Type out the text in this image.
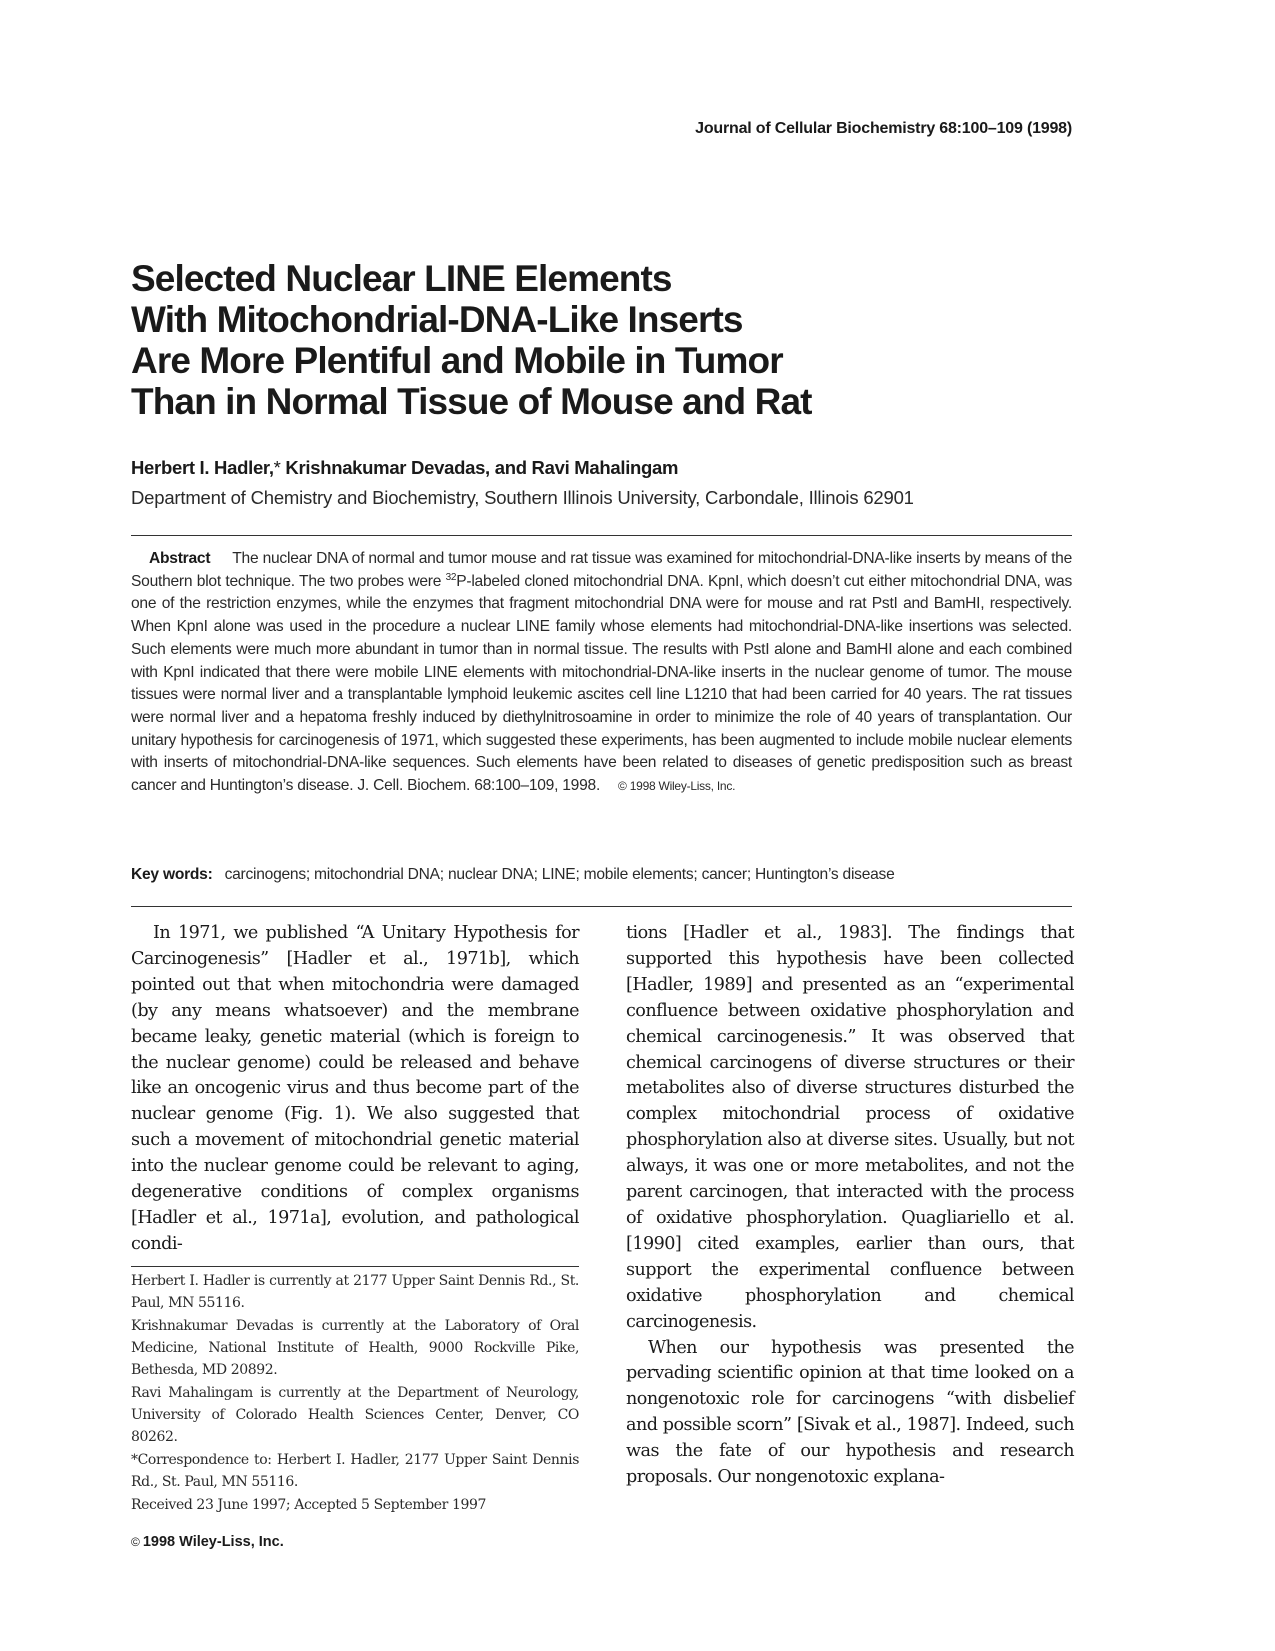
Journal of Cellular Biochemistry 68:100–109 (1998)
Selected Nuclear LINE Elements
With Mitochondrial-DNA-Like Inserts
Are More Plentiful and Mobile in Tumor
Than in Normal Tissue of Mouse and Rat
Herbert I. Hadler,* Krishnakumar Devadas, and Ravi Mahalingam
Department of Chemistry and Biochemistry, Southern Illinois University, Carbondale, Illinois 62901

Abstract The nuclear DNA of normal and tumor mouse and rat tissue was examined for mitochondrial-DNA-like inserts by means of the Southern blot technique. The two probes were $^{32}$P-labeled cloned mitochondrial DNA. KpnI, which doesn’t cut either mitochondrial DNA, was one of the restriction enzymes, while the enzymes that fragment mitochondrial DNA were for mouse and rat PstI and BamHI, respectively. When KpnI alone was used in the procedure a nuclear LINE family whose elements had mitochondrial-DNA-like insertions was selected. Such elements were much more abundant in tumor than in normal tissue. The results with PstI alone and BamHI alone and each combined with KpnI indicated that there were mobile LINE elements with mitochondrial-DNA-like inserts in the nuclear genome of tumor. The mouse tissues were normal liver and a transplantable lymphoid leukemic ascites cell line L1210 that had been carried for 40 years. The rat tissues were normal liver and a hepatoma freshly induced by diethylnitrosoamine in order to minimize the role of 40 years of transplantation. Our unitary hypothesis for carcinogenesis of 1971, which suggested these experiments, has been augmented to include mobile nuclear elements with inserts of mitochondrial-DNA-like sequences. Such elements have been related to diseases of genetic predisposition such as breast cancer and Huntington’s disease. J. Cell. Biochem. 68:100–109, 1998. © 1998 Wiley-Liss, Inc.

Key words: carcinogens; mitochondrial DNA; nuclear DNA; LINE; mobile elements; cancer; Huntington’s disease

In 1971, we published “A Unitary Hypothesis for Carcinogenesis” [Hadler et al., 1971b], which pointed out that when mitochondria were damaged (by any means whatsoever) and the membrane became leaky, genetic material (which is foreign to the nuclear genome) could be released and behave like an oncogenic virus and thus become part of the nuclear genome (Fig. 1). We also suggested that such a movement of mitochondrial genetic material into the nuclear genome could be relevant to aging, degenerative conditions of complex organisms [Hadler et al., 1971a], evolution, and pathological condi-

tions [Hadler et al., 1983]. The findings that supported this hypothesis have been collected [Hadler, 1989] and presented as an “experimental confluence between oxidative phosphorylation and chemical carcinogenesis.” It was observed that chemical carcinogens of diverse structures or their metabolites also of diverse structures disturbed the complex mitochondrial process of oxidative phosphorylation also at diverse sites. Usually, but not always, it was one or more metabolites, and not the parent carcinogen, that interacted with the process of oxidative phosphorylation. Quagliariello et al. [1990] cited examples, earlier than ours, that support the experimental confluence between oxidative phosphorylation and chemical carcinogenesis.

When our hypothesis was presented the pervading scientific opinion at that time looked on a nongenotoxic role for carcinogens “with disbelief and possible scorn” [Sivak et al., 1987]. Indeed, such was the fate of our hypothesis and research proposals. Our nongenotoxic explana-

Herbert I. Hadler is currently at 2177 Upper Saint Dennis Rd., St. Paul, MN 55116.

Krishnakumar Devadas is currently at the Laboratory of Oral Medicine, National Institute of Health, 9000 Rockville Pike, Bethesda, MD 20892.

Ravi Mahalingam is currently at the Department of Neurology, University of Colorado Health Sciences Center, Denver, CO 80262.

*Correspondence to: Herbert I. Hadler, 2177 Upper Saint Dennis Rd., St. Paul, MN 55116.

Received 23 June 1997; Accepted 5 September 1997

© 1998 Wiley-Liss, Inc.
